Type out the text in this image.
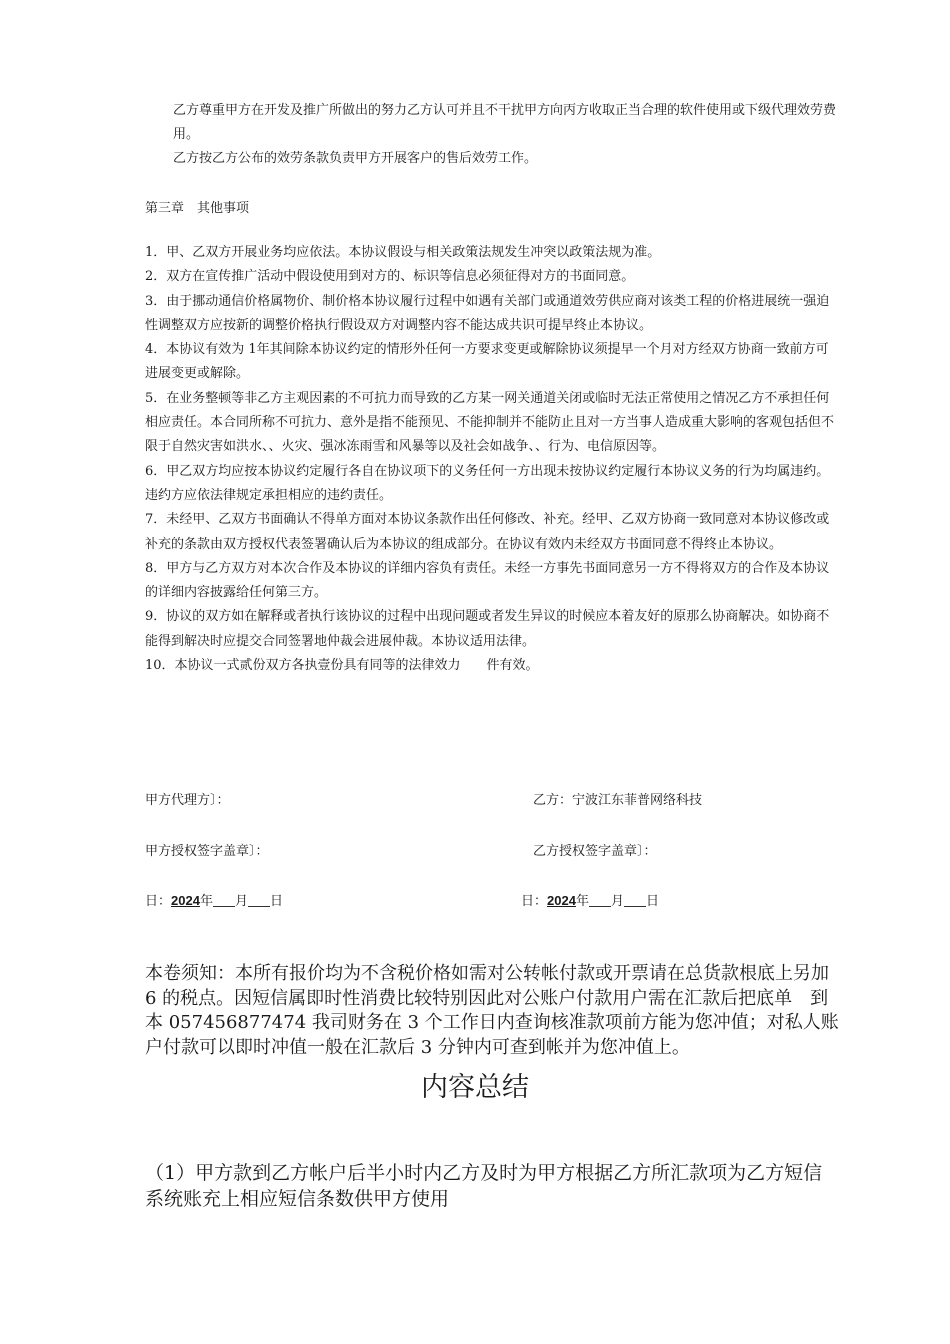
乙方尊重甲方在开发及推广所做出的努力乙方认可并且不干扰甲方向丙方收取正当合理的软件使用或下级代理效劳费用。

乙方按乙方公布的效劳条款负责甲方开展客户的售后效劳工作。

第三章　其他事项

1．甲、乙双方开展业务均应依法。本协议假设与相关政策法规发生冲突以政策法规为准。

2．双方在宣传推广活动中假设使用到对方的、标识等信息必须征得对方的书面同意。

3．由于挪动通信价格属物价、制价格本协议履行过程中如遇有关部门或通道效劳供应商对该类工程的价格进展统一强迫性调整双方应按新的调整价格执行假设双方对调整内容不能达成共识可提早终止本协议。

4．本协议有效为 1年其间除本协议约定的情形外任何一方要求变更或解除协议须提早一个月对方经双方协商一致前方可进展变更或解除。

5．在业务整顿等非乙方主观因素的不可抗力而导致的乙方某一网关通道关闭或临时无法正常使用之情况乙方不承担任何相应责任。本合同所称不可抗力、意外是指不能预见、不能抑制并不能防止且对一方当事人造成重大影响的客观包括但不限于自然灾害如洪水、、火灾、强冰冻雨雪和风暴等以及社会如战争、、行为、电信原因等。

6．甲乙双方均应按本协议约定履行各自在协议项下的义务任何一方出现未按协议约定履行本协议义务的行为均属违约。违约方应依法律规定承担相应的违约责任。

7．未经甲、乙双方书面确认不得单方面对本协议条款作出任何修改、补充。经甲、乙双方协商一致同意对本协议修改或补充的条款由双方授权代表签署确认后为本协议的组成部分。在协议有效内未经双方书面同意不得终止本协议。

8．甲方与乙方双方对本次合作及本协议的详细内容负有责任。未经一方事先书面同意另一方不得将双方的合作及本协议的详细内容披露给任何第三方。

9．协议的双方如在解释或者执行该协议的过程中出现问题或者发生异议的时候应本着友好的原那么协商解决。如协商不能得到解决时应提交合同签署地仲裁会进展仲裁。本协议适用法律。

10．本协议一式贰份双方各执壹份具有同等的法律效力　　件有效。

甲方代理方〕：	乙方：宁波江东菲普网络科技
甲方授权签字盖章〕：	乙方授权签字盖章〕：
日：2024年 月 日	日：2024年 月 日
本卷须知：本所有报价均为不含税价格如需对公转帐付款或开票请在总货款根底上另加 6 的税点。因短信属即时性消费比较特别因此对公账户付款用户需在汇款后把底单　到本 057456877474 我司财务在 3 个工作日内查询核准款项前方能为您冲值；对私人账户付款可以即时冲值一般在汇款后 3 分钟内可查到帐并为您冲值上。
内容总结
（1）甲方款到乙方帐户后半小时内乙方及时为甲方根据乙方所汇款项为乙方短信系统账充上相应短信条数供甲方使用
